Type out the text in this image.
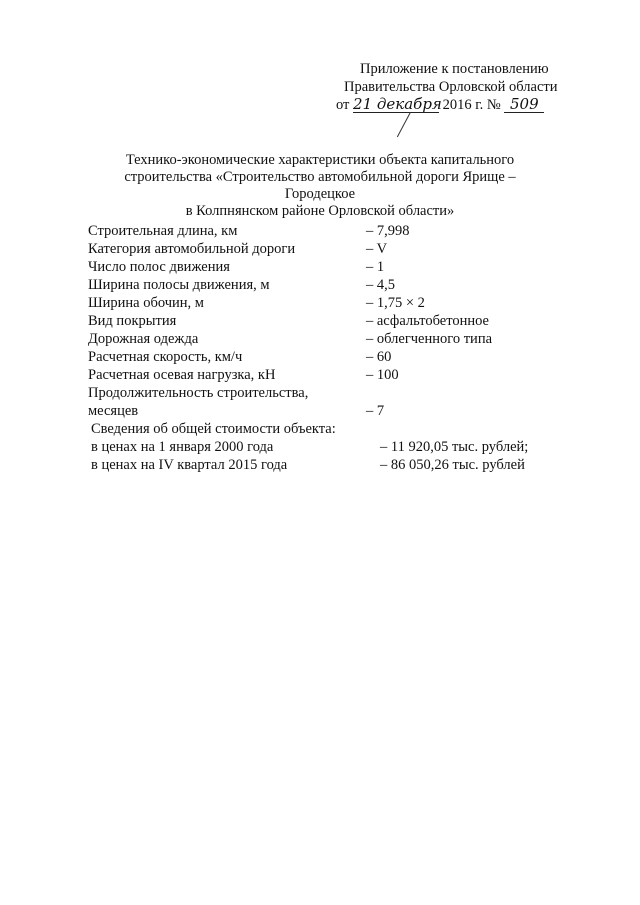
Приложение к постановлению
Правительства Орловской области
от 21 декабря 2016 г. № 509
Технико-экономические характеристики объекта капитального
строительства «Строительство автомобильной дороги Ярище – Городецкое
в Колпнянском районе Орловской области»
Строительная длина, км	– 7,998
Категория автомобильной дороги	– V
Число полос движения	– 1
Ширина полосы движения, м	– 4,5
Ширина обочин, м	– 1,75 × 2
Вид покрытия	– асфальтобетонное
Дорожная одежда	– облегченного типа
Расчетная скорость, км/ч	– 60
Расчетная осевая нагрузка, кН	– 100
Продолжительность строительства,
месяцев	– 7
Сведения об общей стоимости объекта:
в ценах на 1 января 2000 года	– 11 920,05 тыс. рублей;
в ценах на IV квартал 2015 года	– 86 050,26 тыс. рублей
